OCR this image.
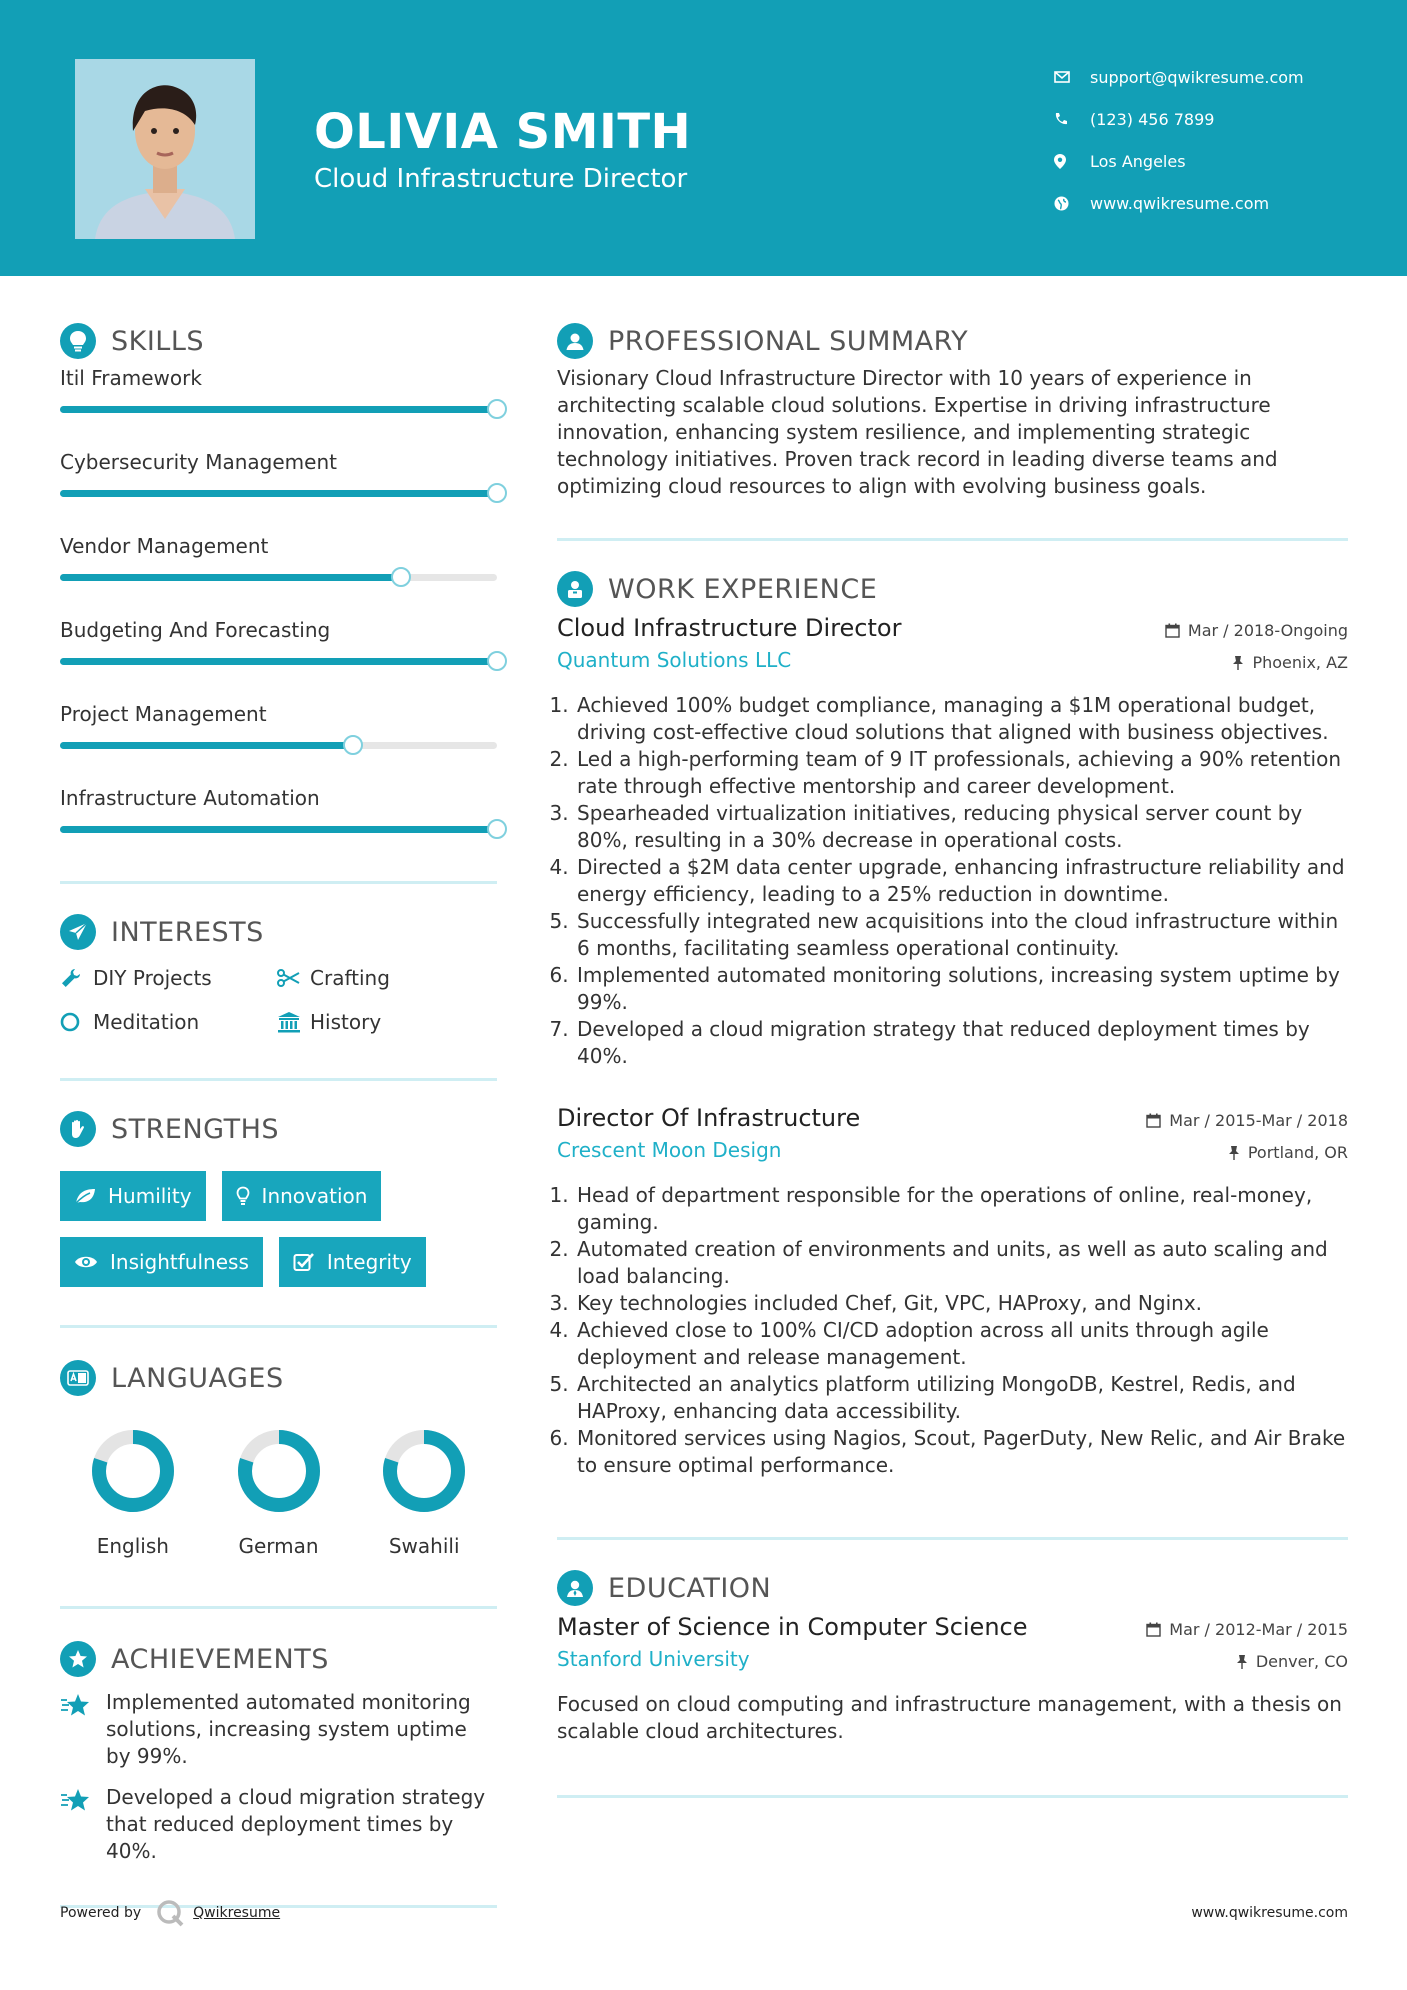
OLIVIA SMITH
Cloud Infrastructure Director
support@qwikresume.com
(123) 456 7899
Los Angeles
www.qwikresume.com
SKILLS
Itil Framework
Cybersecurity Management
Vendor Management
Budgeting And Forecasting
Project Management
Infrastructure Automation
INTERESTS
DIY Projects	Crafting
Meditation	History
STRENGTHS
Humility	Innovation
Insightfulness	Integrity
LANGUAGES
English	German	Swahili
ACHIEVEMENTS
Implemented automated monitoring solutions, increasing system uptime by 99%.
Developed a cloud migration strategy that reduced deployment times by 40%.
PROFESSIONAL SUMMARY

Visionary Cloud Infrastructure Director with 10 years of experience in architecting scalable cloud solutions. Expertise in driving infrastructure innovation, enhancing system resilience, and implementing strategic technology initiatives. Proven track record in leading diverse teams and optimizing cloud resources to align with evolving business goals.

WORK EXPERIENCE
Cloud Infrastructure Director
Quantum Solutions LLC
Mar / 2018-Ongoing
Phoenix, AZ
1. Achieved 100% budget compliance, managing a $1M operational budget, driving cost-effective cloud solutions that aligned with business objectives.
2. Led a high-performing team of 9 IT professionals, achieving a 90% retention rate through effective mentorship and career development.
3. Spearheaded virtualization initiatives, reducing physical server count by 80%, resulting in a 30% decrease in operational costs.
4. Directed a $2M data center upgrade, enhancing infrastructure reliability and energy efficiency, leading to a 25% reduction in downtime.
5. Successfully integrated new acquisitions into the cloud infrastructure within 6 months, facilitating seamless operational continuity.
6. Implemented automated monitoring solutions, increasing system uptime by 99%.
7. Developed a cloud migration strategy that reduced deployment times by 40%.
Director Of Infrastructure
Crescent Moon Design
Mar / 2015-Mar / 2018
Portland, OR
1. Head of department responsible for the operations of online, real-money, gaming.
2. Automated creation of environments and units, as well as auto scaling and load balancing.
3. Key technologies included Chef, Git, VPC, HAProxy, and Nginx.
4. Achieved close to 100% CI/CD adoption across all units through agile deployment and release management.
5. Architected an analytics platform utilizing MongoDB, Kestrel, Redis, and HAProxy, enhancing data accessibility.
6. Monitored services using Nagios, Scout, PagerDuty, New Relic, and Air Brake to ensure optimal performance.
EDUCATION
Master of Science in Computer Science
Stanford University
Mar / 2012-Mar / 2015
Denver, CO

Focused on cloud computing and infrastructure management, with a thesis on scalable cloud architectures.

Powered by	Qwikresume	www.qwikresume.com
